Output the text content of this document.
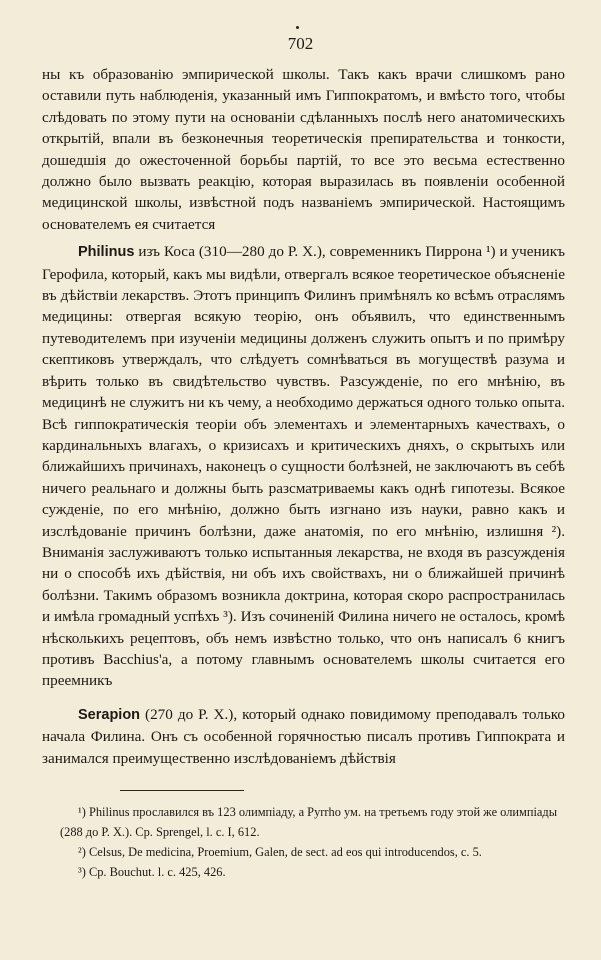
702

ны къ образованію эмпирической школы. Такъ какъ врачи слишкомъ рано оставили путь наблюденія, указанный имъ Гиппократомъ, и вмѣсто того, чтобы слѣдовать по этому пути на основаніи сдѣланныхъ послѣ него анатомическихъ открытій, впали въ безконечныя теоретическія препирательства и тонкости, дошедшія до ожесточенной борьбы партій, то все это весьма естественно должно было вызвать реакцію, которая выразилась въ появленіи особенной медицинской школы, извѣстной подъ названіемъ эмпирической. Настоящимъ основателемъ ея считается

Philinus изъ Коса (310—280 до Р. Х.), современникъ Пиррона ¹) и ученикъ Герофила, который, какъ мы видѣли, отвергалъ всякое теоретическое объясненіе въ дѣйствіи лекарствъ. Этотъ принципъ Филинъ примѣнялъ ко всѣмъ отраслямъ медицины: отвергая всякую теорію, онъ объявилъ, что единственнымъ путеводителемъ при изученіи медицины долженъ служить опытъ и по примѣру скептиковъ утверждалъ, что слѣдуетъ сомнѣваться въ могуществѣ разума и вѣрить только въ свидѣтельство чувствъ. Разсужденіе, по его мнѣнію, въ медицинѣ не служитъ ни къ чему, а необходимо держаться одного только опыта. Всѣ гиппократическія теоріи объ элементахъ и элементарныхъ качествахъ, о кардинальныхъ влагахъ, о кризисахъ и критическихъ дняхъ, о скрытыхъ или ближайшихъ причинахъ, наконецъ о сущности болѣзней, не заключаютъ въ себѣ ничего реальнаго и должны быть разсматриваемы какъ однѣ гипотезы. Всякое сужденіе, по его мнѣнію, должно быть изгнано изъ науки, равно какъ и изслѣдованіе причинъ болѣзни, даже анатомія, по его мнѣнію, излишня ²). Вниманія заслуживаютъ только испытанныя лекарства, не входя въ разсужденія ни о способѣ ихъ дѣйствія, ни объ ихъ свойствахъ, ни о ближайшей причинѣ болѣзни. Такимъ образомъ возникла доктрина, которая скоро распространилась и имѣла громадный успѣхъ ³). Изъ сочиненій Филина ничего не осталось, кромѣ нѣсколькихъ рецептовъ, объ немъ извѣстно только, что онъ написалъ 6 книгъ противъ Bacchius'a, а потому главнымъ основателемъ школы считается его преемникъ

Serapion (270 до Р. Х.), который однако повидимому преподавалъ только начала Филина. Онъ съ особенной горячностью писалъ противъ Гиппократа и занимался преимущественно изслѣдованіемъ дѣйствія

¹) Philinus прославился въ 123 олимпіаду, а Pyrrho ум. на третьемъ году этой же олимпіады (288 до Р. Х.). Cp. Sprengel, l. c. I, 612.

²) Celsus, De medicina, Proemium, Galen, de sect. ad eos qui introducendos, c. 5.

³) Cp. Bouchut. l. c. 425, 426.
